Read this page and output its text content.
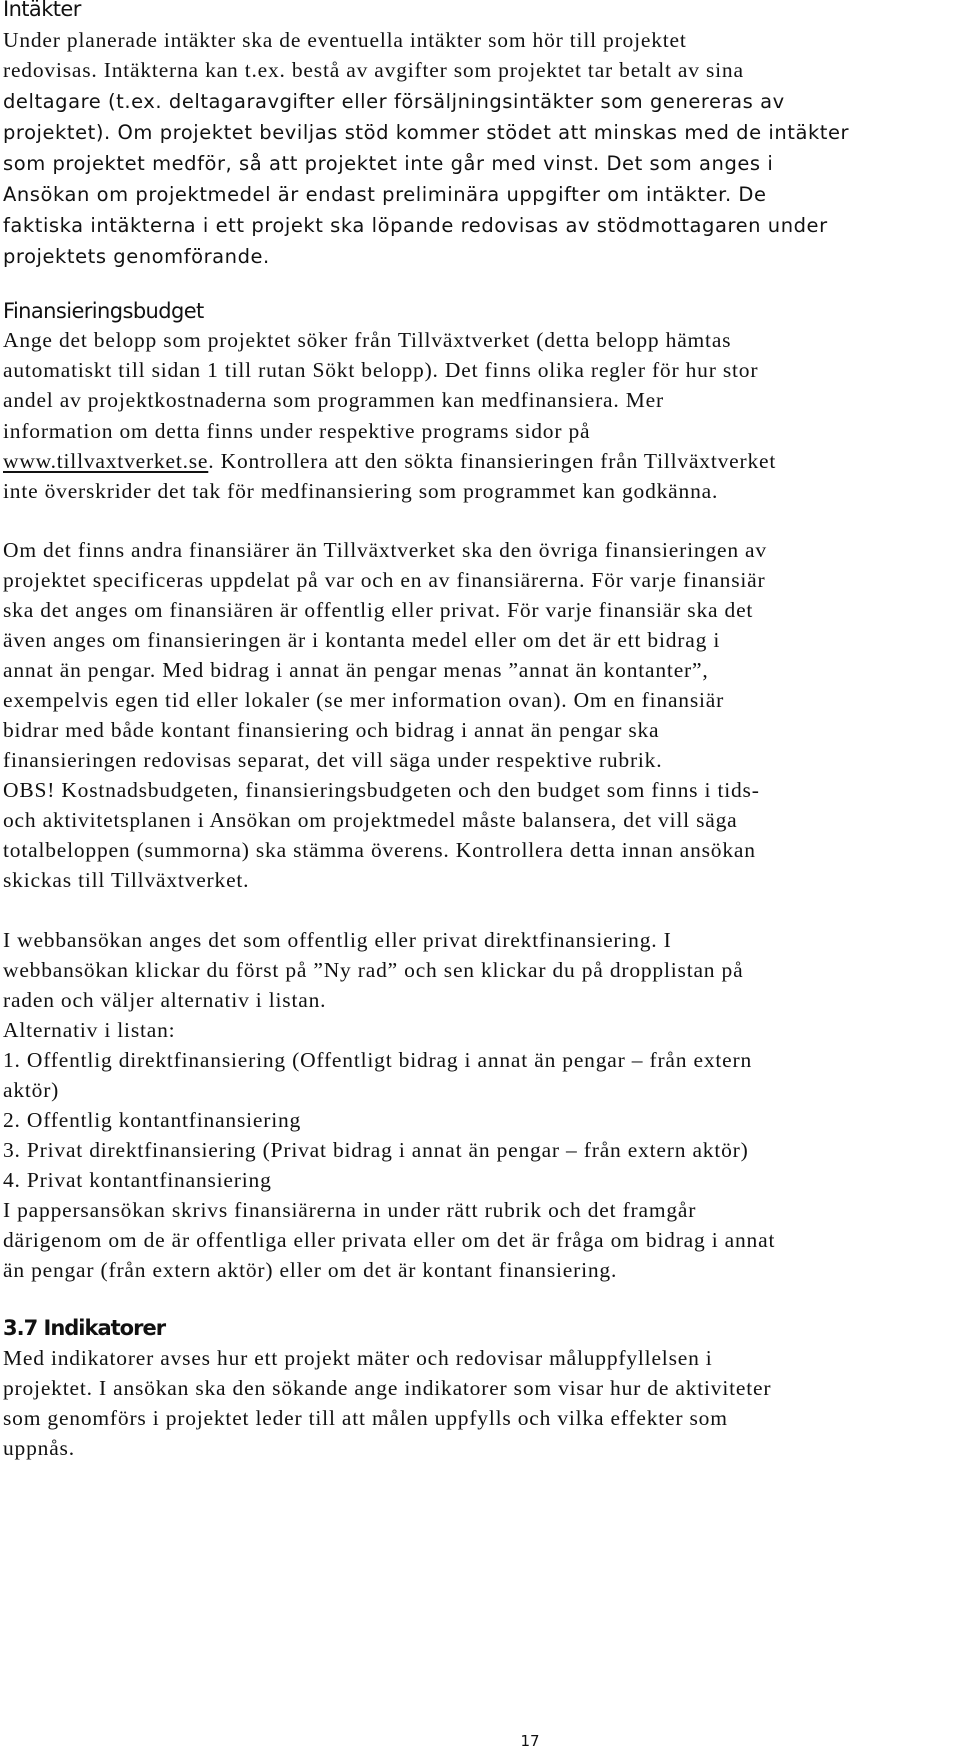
Intäkter
Under planerade intäkter ska de eventuella intäkter som hör till projektet
redovisas. Intäkterna kan t.ex. bestå av avgifter som projektet tar betalt av sina
deltagare (t.ex. deltagaravgifter eller försäljningsintäkter som genereras av
projektet). Om projektet beviljas stöd kommer stödet att minskas med de intäkter
som projektet medför, så att projektet inte går med vinst. Det som anges i
Ansökan om projektmedel är endast preliminära uppgifter om intäkter. De
faktiska intäkterna i ett projekt ska löpande redovisas av stödmottagaren under
projektets genomförande.
Finansieringsbudget
Ange det belopp som projektet söker från Tillväxtverket (detta belopp hämtas
automatiskt till sidan 1 till rutan Sökt belopp). Det finns olika regler för hur stor
andel av projektkostnaderna som programmen kan medfinansiera. Mer
information om detta finns under respektive programs sidor på
www.tillvaxtverket.se. Kontrollera att den sökta finansieringen från Tillväxtverket
inte överskrider det tak för medfinansiering som programmet kan godkänna.
Om det finns andra finansiärer än Tillväxtverket ska den övriga finansieringen av
projektet specificeras uppdelat på var och en av finansiärerna. För varje finansiär
ska det anges om finansiären är offentlig eller privat. För varje finansiär ska det
även anges om finansieringen är i kontanta medel eller om det är ett bidrag i
annat än pengar. Med bidrag i annat än pengar menas ”annat än kontanter”,
exempelvis egen tid eller lokaler (se mer information ovan). Om en finansiär
bidrar med både kontant finansiering och bidrag i annat än pengar ska
finansieringen redovisas separat, det vill säga under respektive rubrik.
OBS! Kostnadsbudgeten, finansieringsbudgeten och den budget som finns i tids-
och aktivitetsplanen i Ansökan om projektmedel måste balansera, det vill säga
totalbeloppen (summorna) ska stämma överens. Kontrollera detta innan ansökan
skickas till Tillväxtverket.
I webbansökan anges det som offentlig eller privat direktfinansiering. I
webbansökan klickar du först på ”Ny rad” och sen klickar du på dropplistan på
raden och väljer alternativ i listan.
Alternativ i listan:
1. Offentlig direktfinansiering (Offentligt bidrag i annat än pengar – från extern
aktör)
2. Offentlig kontantfinansiering
3. Privat direktfinansiering (Privat bidrag i annat än pengar – från extern aktör)
4. Privat kontantfinansiering
I pappersansökan skrivs finansiärerna in under rätt rubrik och det framgår
därigenom om de är offentliga eller privata eller om det är fråga om bidrag i annat
än pengar (från extern aktör) eller om det är kontant finansiering.
3.7 Indikatorer
Med indikatorer avses hur ett projekt mäter och redovisar måluppfyllelsen i
projektet. I ansökan ska den sökande ange indikatorer som visar hur de aktiviteter
som genomförs i projektet leder till att målen uppfylls och vilka effekter som
uppnås.
17
